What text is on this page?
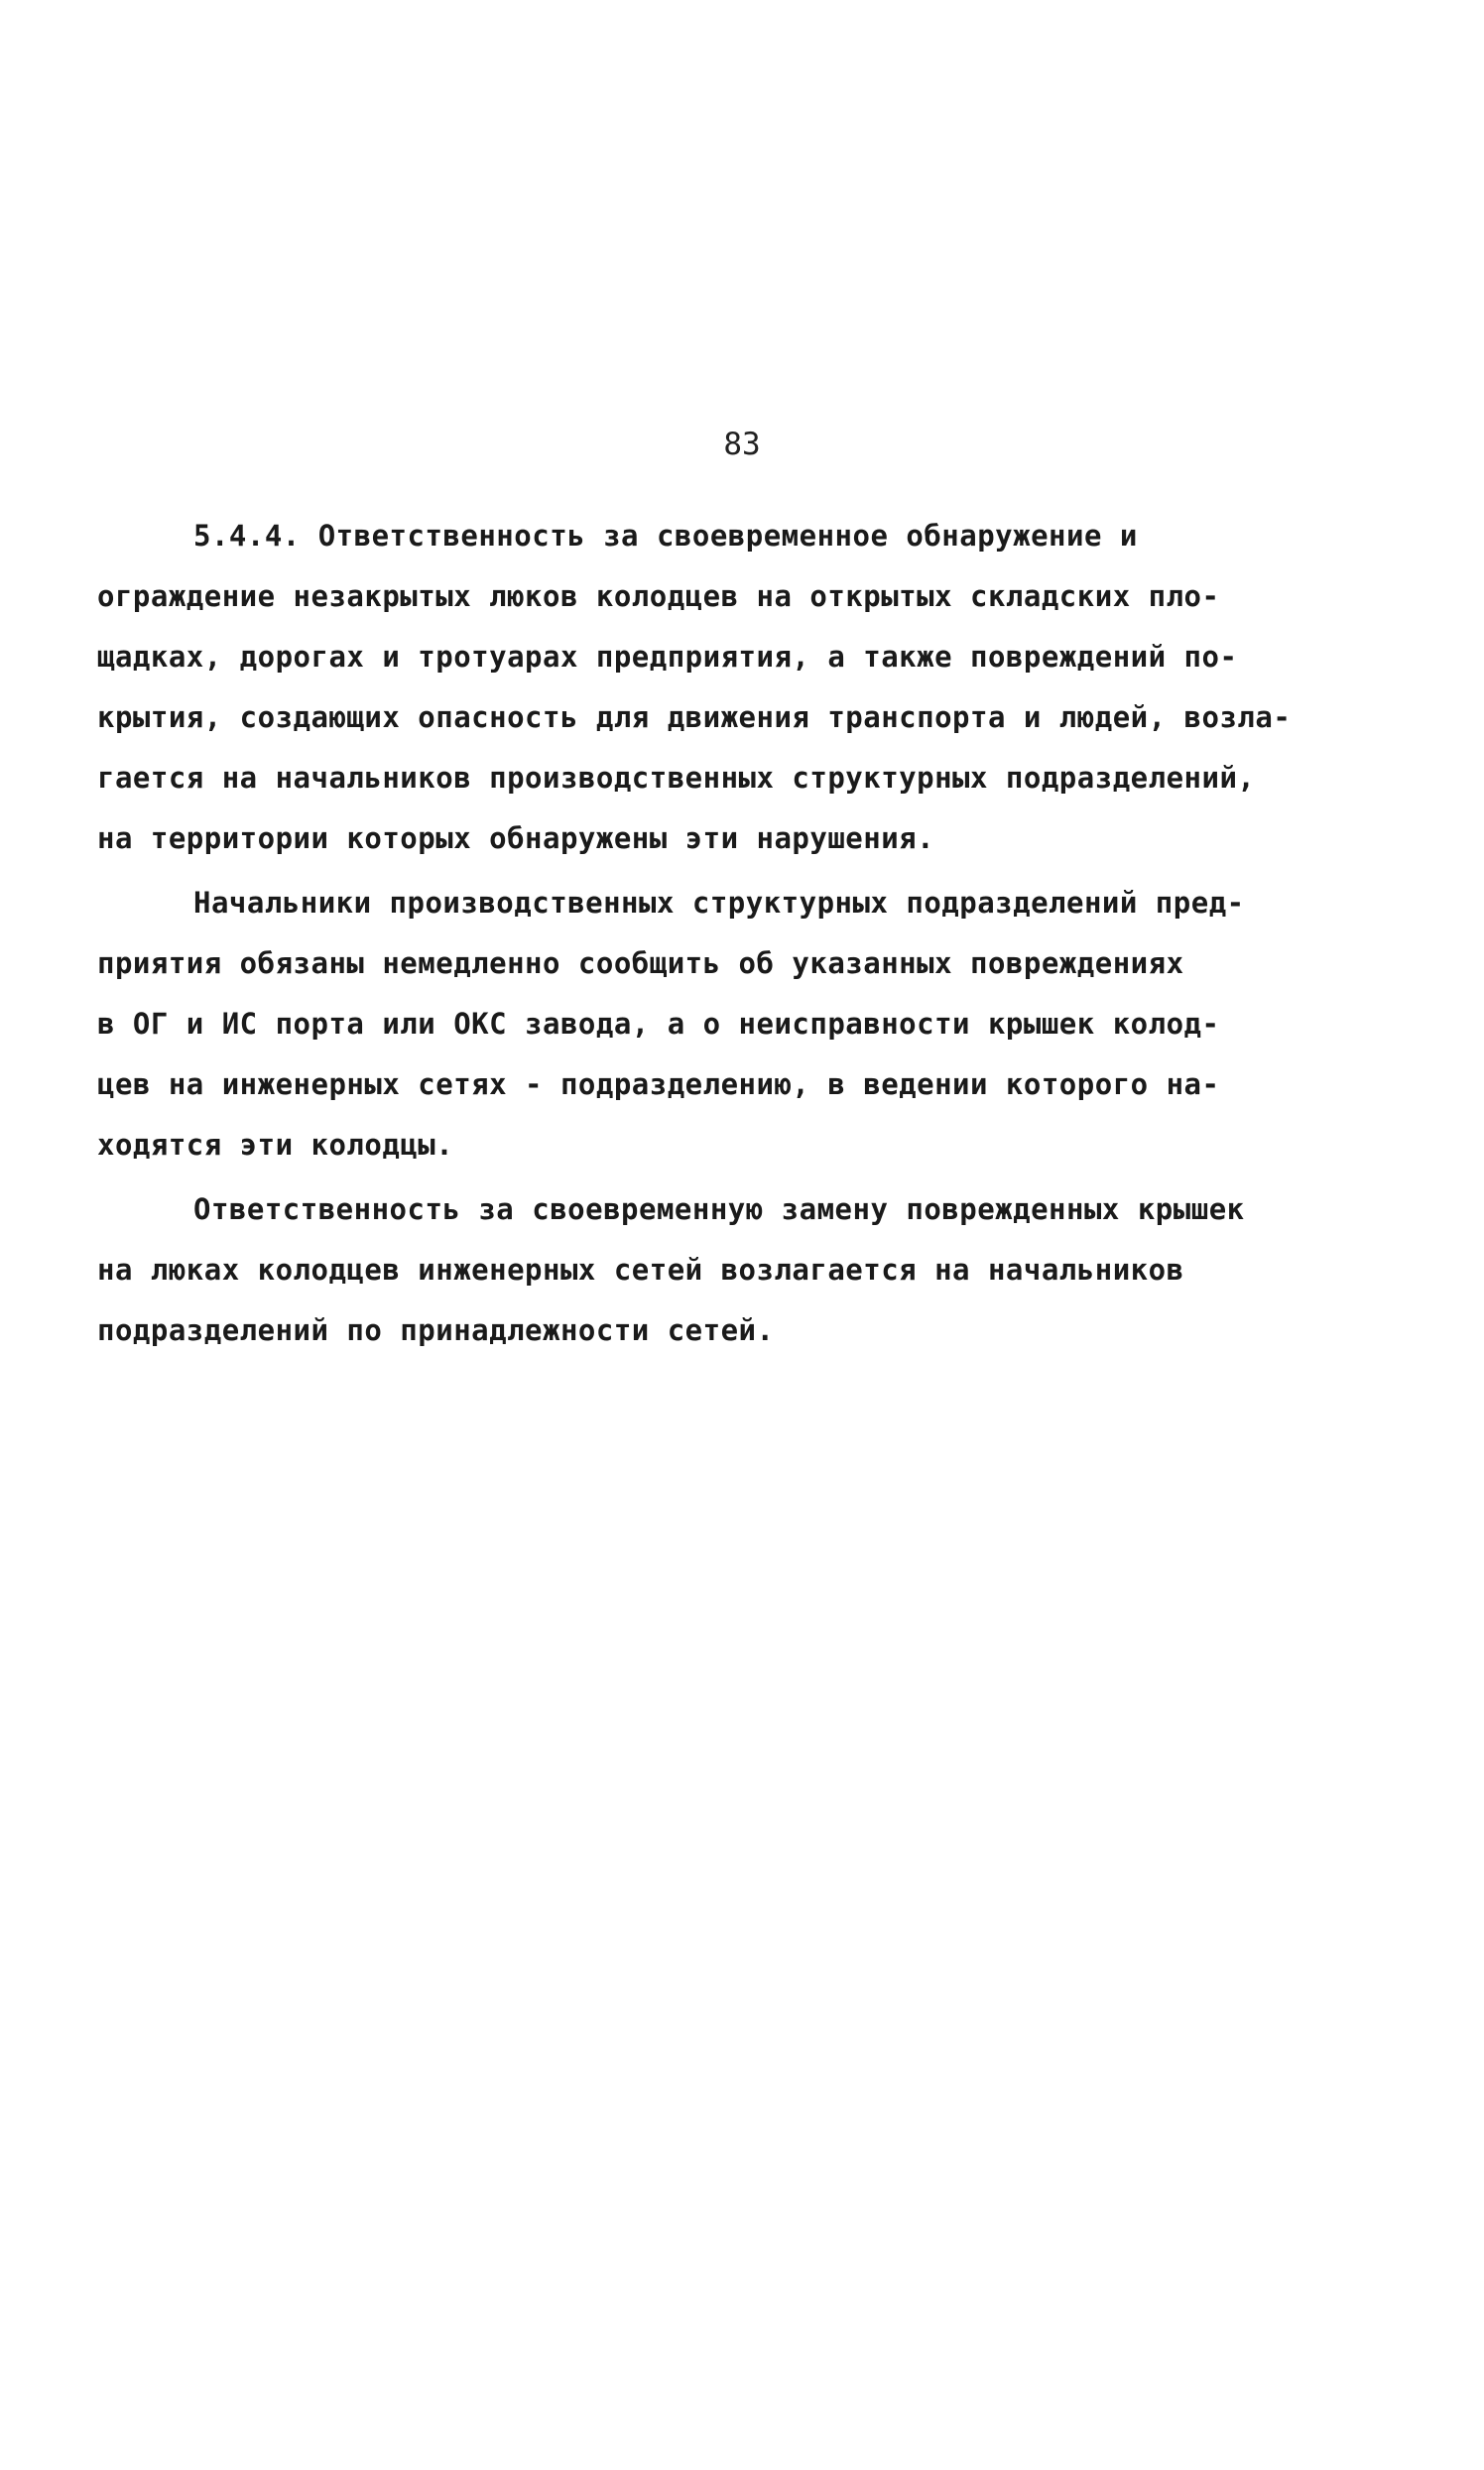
83
5.4.4. Ответственность за своевременное обнаружение и
ограждение незакрытых люков колодцев на открытых складских пло-
щадках, дорогах и тротуарах предприятия, а также повреждений по-
крытия, создающих опасность для движения транспорта и людей, возла-
гается на начальников производственных структурных подразделений,
на территории которых обнаружены эти нарушения.
Начальники производственных структурных подразделений пред-
приятия обязаны немедленно сообщить об указанных повреждениях
в ОГ и ИС порта или ОКС завода, а о неисправности крышек колод-
цев на инженерных сетях - подразделению, в ведении которого на-
ходятся эти колодцы.
Ответственность за своевременную замену поврежденных крышек
на люках колодцев инженерных сетей возлагается на начальников
подразделений по принадлежности сетей.
